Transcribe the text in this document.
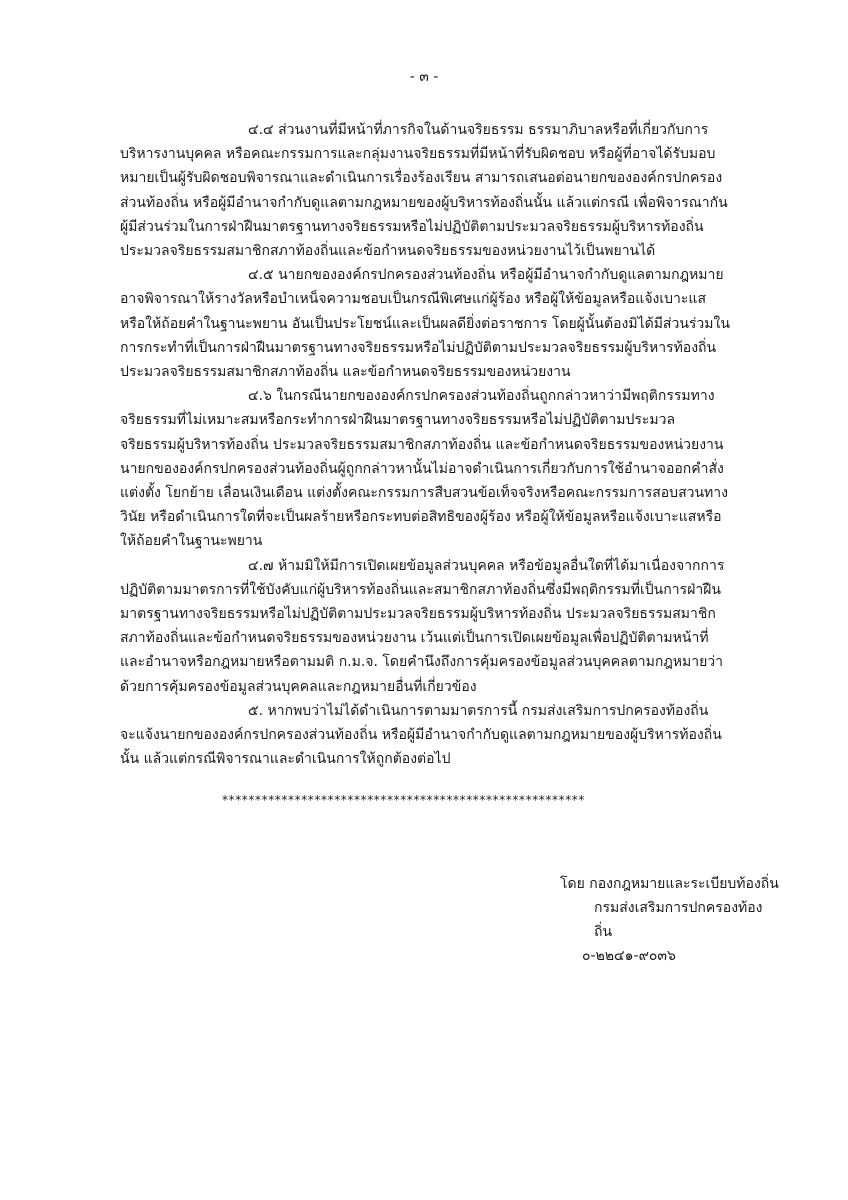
- ๓ -

๔.๔ ส่วนงานที่มีหน้าที่ภารกิจในด้านจริยธรรม ธรรมาภิบาลหรือที่เกี่ยวกับการบริหารงานบุคคล หรือคณะกรรมการและกลุ่มงานจริยธรรมที่มีหน้าที่รับผิดชอบ หรือผู้ที่อาจได้รับมอบหมายเป็นผู้รับผิดชอบพิจารณาและดำเนินการเรื่องร้องเรียน สามารถเสนอต่อนายกขององค์กรปกครองส่วนท้องถิ่น หรือผู้มีอำนาจกำกับดูแลตามกฎหมายของผู้บริหารท้องถิ่นนั้น แล้วแต่กรณี เพื่อพิจารณากันผู้มีส่วนร่วมในการฝ่าฝืนมาตรฐานทางจริยธรรมหรือไม่ปฏิบัติตามประมวลจริยธรรมผู้บริหารท้องถิ่น ประมวลจริยธรรมสมาชิกสภาท้องถิ่นและข้อกำหนดจริยธรรมของหน่วยงานไว้เป็นพยานได้

๔.๕ นายกขององค์กรปกครองส่วนท้องถิ่น หรือผู้มีอำนาจกำกับดูแลตามกฎหมายอาจพิจารณาให้รางวัลหรือบำเหน็จความชอบเป็นกรณีพิเศษแก่ผู้ร้อง หรือผู้ให้ข้อมูลหรือแจ้งเบาะแสหรือให้ถ้อยคำในฐานะพยาน อันเป็นประโยชน์และเป็นผลดียิ่งต่อราชการ โดยผู้นั้นต้องมิได้มีส่วนร่วมในการกระทำที่เป็นการฝ่าฝืนมาตรฐานทางจริยธรรมหรือไม่ปฏิบัติตามประมวลจริยธรรมผู้บริหารท้องถิ่น ประมวลจริยธรรมสมาชิกสภาท้องถิ่น และข้อกำหนดจริยธรรมของหน่วยงาน

๔.๖ ในกรณีนายกขององค์กรปกครองส่วนท้องถิ่นถูกกล่าวหาว่ามีพฤติกรรมทางจริยธรรมที่ไม่เหมาะสมหรือกระทำการฝ่าฝืนมาตรฐานทางจริยธรรมหรือไม่ปฏิบัติตามประมวลจริยธรรมผู้บริหารท้องถิ่น ประมวลจริยธรรมสมาชิกสภาท้องถิ่น และข้อกำหนดจริยธรรมของหน่วยงาน นายกขององค์กรปกครองส่วนท้องถิ่นผู้ถูกกล่าวหานั้นไม่อาจดำเนินการเกี่ยวกับการใช้อำนาจออกคำสั่งแต่งตั้ง โยกย้าย เลื่อนเงินเดือน แต่งตั้งคณะกรรมการสืบสวนข้อเท็จจริงหรือคณะกรรมการสอบสวนทางวินัย หรือดำเนินการใดที่จะเป็นผลร้ายหรือกระทบต่อสิทธิของผู้ร้อง หรือผู้ให้ข้อมูลหรือแจ้งเบาะแสหรือให้ถ้อยคำในฐานะพยาน

๔.๗ ห้ามมิให้มีการเปิดเผยข้อมูลส่วนบุคคล หรือข้อมูลอื่นใดที่ได้มาเนื่องจากการปฏิบัติตามมาตรการที่ใช้บังคับแก่ผู้บริหารท้องถิ่นและสมาชิกสภาท้องถิ่นซึ่งมีพฤติกรรมที่เป็นการฝ่าฝืนมาตรฐานทางจริยธรรมหรือไม่ปฏิบัติตามประมวลจริยธรรมผู้บริหารท้องถิ่น ประมวลจริยธรรมสมาชิกสภาท้องถิ่นและข้อกำหนดจริยธรรมของหน่วยงาน เว้นแต่เป็นการเปิดเผยข้อมูลเพื่อปฏิบัติตามหน้าที่และอำนาจหรือกฎหมายหรือตามมติ ก.ม.จ. โดยคำนึงถึงการคุ้มครองข้อมูลส่วนบุคคลตามกฎหมายว่าด้วยการคุ้มครองข้อมูลส่วนบุคคลและกฎหมายอื่นที่เกี่ยวข้อง

๕. หากพบว่าไม่ได้ดำเนินการตามมาตรการนี้ กรมส่งเสริมการปกครองท้องถิ่นจะแจ้งนายกขององค์กรปกครองส่วนท้องถิ่น หรือผู้มีอำนาจกำกับดูแลตามกฎหมายของผู้บริหารท้องถิ่นนั้น แล้วแต่กรณีพิจารณาและดำเนินการให้ถูกต้องต่อไป

*******************************************************
โดย กองกฎหมายและระเบียบท้องถิ่น
กรมส่งเสริมการปกครองท้องถิ่น
๐-๒๒๔๑-๙๐๓๖
